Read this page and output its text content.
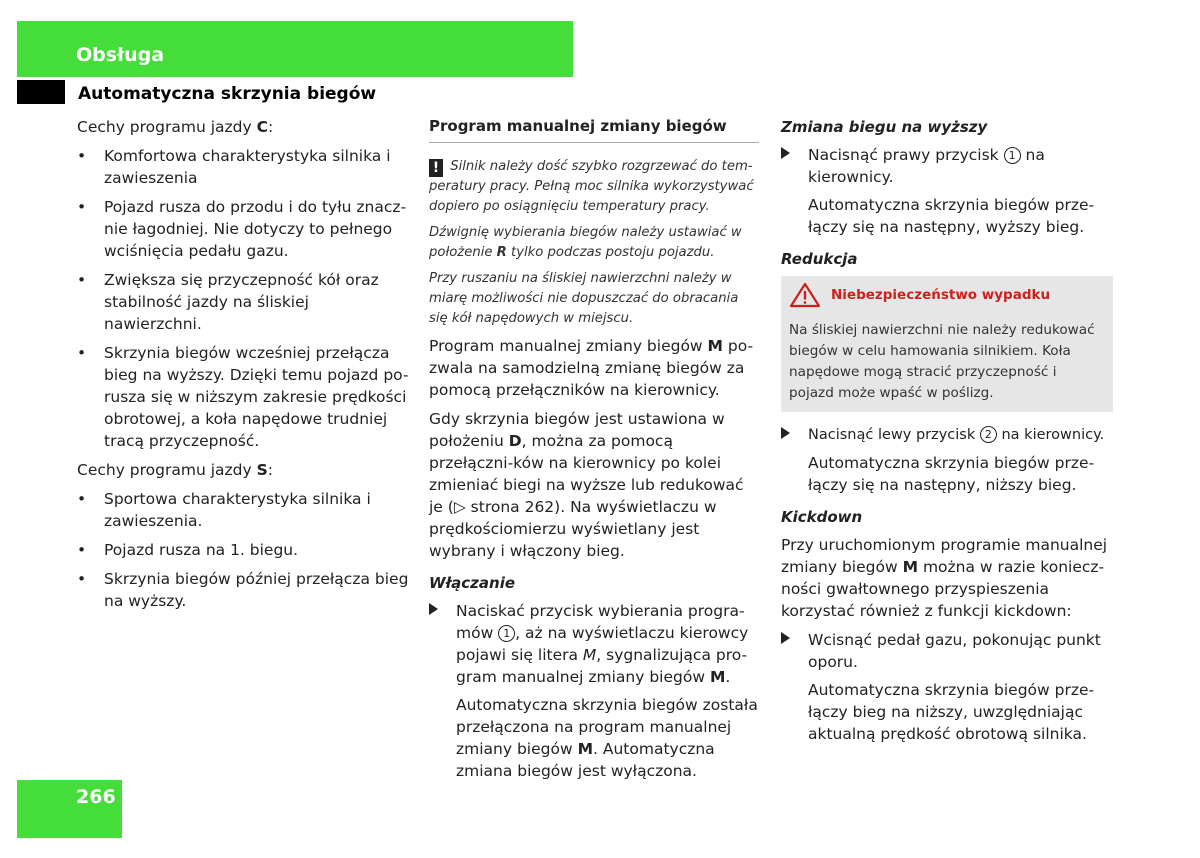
Obsługa
Automatyczna skrzynia biegów

Cechy programu jazdy C:

• Komfortowa charakterystyka silnika i zawieszenia
• Pojazd rusza do przodu i do tyłu znacz-nie łagodniej. Nie dotyczy to pełnego wciśnięcia pedału gazu.
• Zwiększa się przyczepność kół oraz stabilność jazdy na śliskiej nawierzchni.
• Skrzynia biegów wcześniej przełącza bieg na wyższy. Dzięki temu pojazd po-rusza się w niższym zakresie prędkości obrotowej, a koła napędowe trudniej tracą przyczepność.

Cechy programu jazdy S:

• Sportowa charakterystyka silnika i zawieszenia.
• Pojazd rusza na 1. biegu.
• Skrzynia biegów później przełącza bieg na wyższy.
Program manualnej zmiany biegów

! Silnik należy dość szybko rozgrzewać do tem-peratury pracy. Pełną moc silnika wykorzystywać dopiero po osiągnięciu temperatury pracy.

Dźwignię wybierania biegów należy ustawiać w położenie R tylko podczas postoju pojazdu.

Przy ruszaniu na śliskiej nawierzchni należy w miarę możliwości nie dopuszczać do obracania się kół napędowych w miejscu.

Program manualnej zmiany biegów M po-zwala na samodzielną zmianę biegów za pomocą przełączników na kierownicy.

Gdy skrzynia biegów jest ustawiona w położeniu D, można za pomocą przełączni-ków na kierownicy po kolei zmieniać biegi na wyższe lub redukować je (▷ strona 262). Na wyświetlaczu w prędkościomierzu wyświetlany jest wybrany i włączony bieg.

Włączanie
Naciskać przycisk wybierania progra-mów 1 , aż na wyświetlaczu kierowcy pojawi się litera M, sygnalizująca pro-gram manualnej zmiany biegów M.
Automatyczna skrzynia biegów została przełączona na program manualnej zmiany biegów M. Automatyczna zmiana biegów jest wyłączona.
Zmiana biegu na wyższy
Nacisnąć prawy przycisk 1 na kierownicy.
Automatyczna skrzynia biegów prze-łączy się na następny, wyższy bieg.
Redukcja
Niebezpieczeństwo wypadku
Na śliskiej nawierzchni nie należy redukować biegów w celu hamowania silnikiem. Koła napędowe mogą stracić przyczepność i pojazd może wpaść w poślizg.
Nacisnąć lewy przycisk 2 na kierownicy.
Automatyczna skrzynia biegów prze-łączy się na następny, niższy bieg.
Kickdown

Przy uruchomionym programie manualnej zmiany biegów M można w razie koniecz-ności gwałtownego przyspieszenia korzystać również z funkcji kickdown:

Wcisnąć pedał gazu, pokonując punkt oporu.
Automatyczna skrzynia biegów prze-łączy bieg na niższy, uwzględniając aktualną prędkość obrotową silnika.
266
